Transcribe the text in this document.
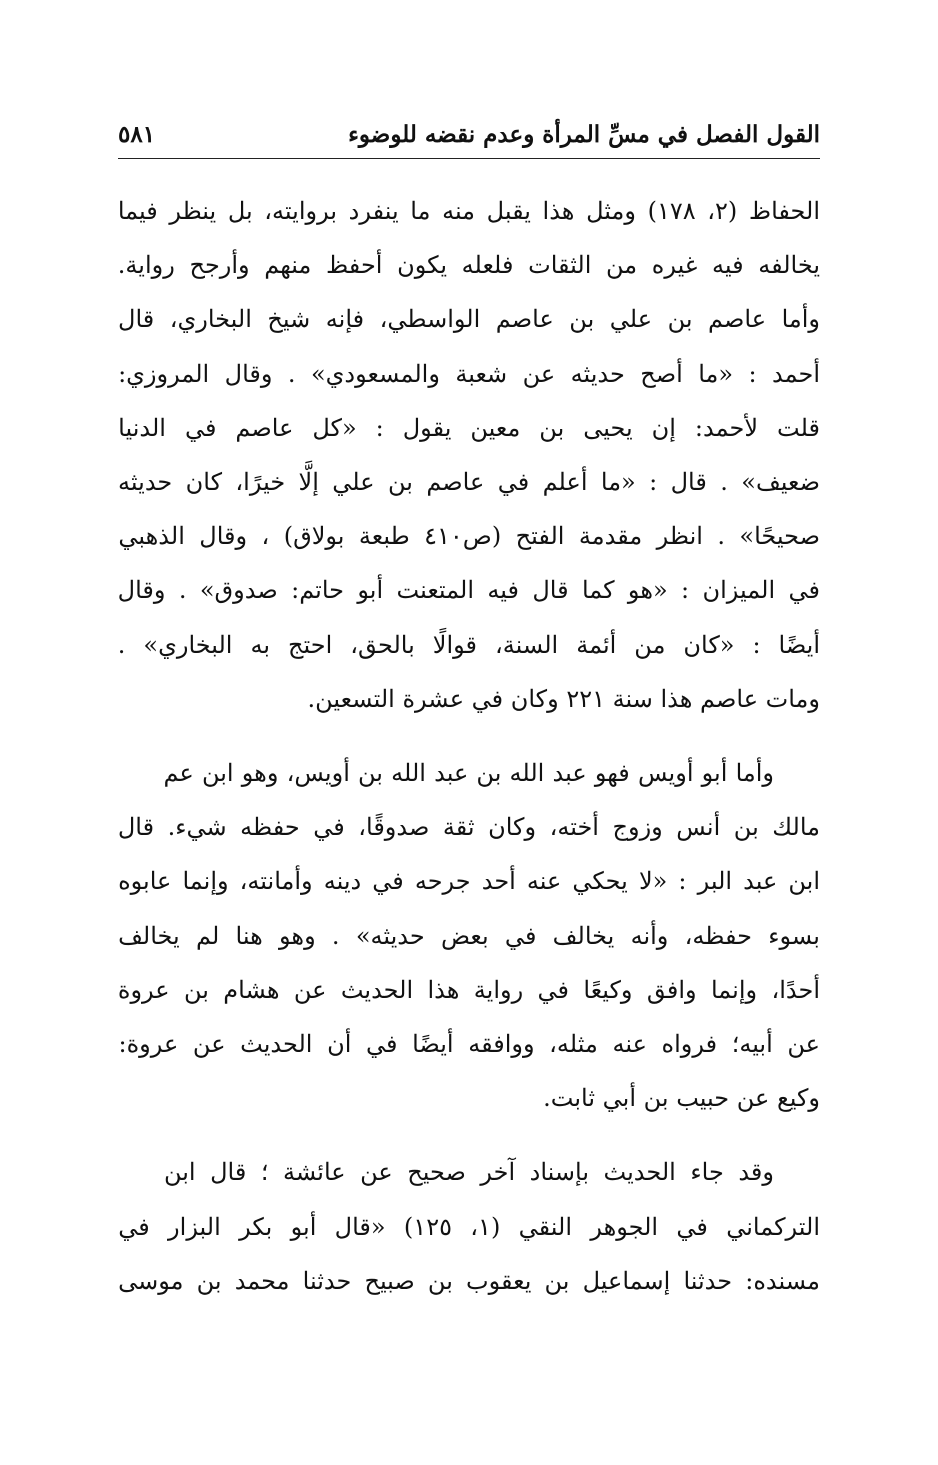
القول الفصل في مسِّ المرأة وعدم نقضه للوضوء
٥٨١

الحفاظ (٢، ١٧٨) ومثل هذا يقبل منه ما ينفرد بروايته، بل ينظر فيما
يخالفه فيه غيره من الثقات فلعله يكون أحفظ منهم وأرجح رواية.
وأما عاصم بن علي بن عاصم الواسطي، فإنه شيخ البخاري، قال
أحمد : «ما أصح حديثه عن شعبة والمسعودي» . وقال المروزي:
قلت لأحمد: إن يحيى بن معين يقول : «كل عاصم في الدنيا
ضعيف» . قال : «ما أعلم في عاصم بن علي إلَّا خيرًا، كان حديثه
صحيحًا» . انظر مقدمة الفتح (ص٤١٠ طبعة بولاق) ، وقال الذهبي
في الميزان : «هو كما قال فيه المتعنت أبو حاتم: صدوق» . وقال
أيضًا : «كان من أئمة السنة، قوالًا بالحق، احتج به البخاري» .
ومات عاصم هذا سنة ٢٢١ وكان في عشرة التسعين.

وأما أبو أويس فهو عبد الله بن عبد الله بن أويس، وهو ابن عم
مالك بن أنس وزوج أخته، وكان ثقة صدوقًا، في حفظه شيء. قال
ابن عبد البر : «لا يحكي عنه أحد جرحه في دينه وأمانته، وإنما عابوه
بسوء حفظه، وأنه يخالف في بعض حديثه» . وهو هنا لم يخالف
أحدًا، وإنما وافق وكيعًا في رواية هذا الحديث عن هشام بن عروة
عن أبيه؛ فرواه عنه مثله، ووافقه أيضًا في أن الحديث عن عروة:
وكيع عن حبيب بن أبي ثابت.

وقد جاء الحديث بإسناد آخر صحيح عن عائشة ؛ قال ابن
التركماني في الجوهر النقي (١، ١٢٥) «قال أبو بكر البزار في
مسنده: حدثنا إسماعيل بن يعقوب بن صبيح حدثنا محمد بن موسى
